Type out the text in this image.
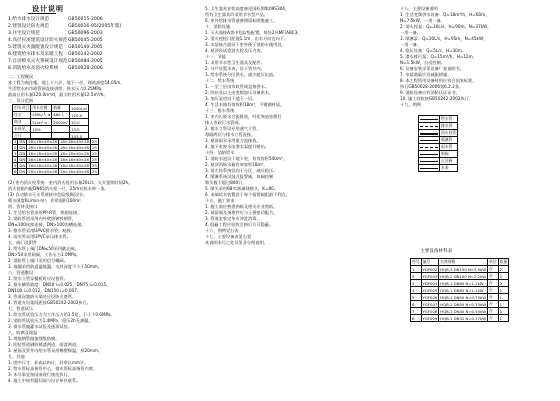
设计说明
1.给水排水设计规范	GB50015-2006
2.建筑设计防火规范	GB50016-95(2005年版)
3.住宅设计规范	GB50096-2003
4.高层民用建筑设计防火规范 GB50045-2005
5.建筑灭火器配置设计规范	GB50140-2005
6.建筑给水排水及采暖工程	GB50242-2002
7.自动喷水灭火系统设计规范 GB50084-2005
8.消防给水及消火栓系统	GB50028-2006
二、工程概况
本工程为商住楼，地上十八层，地下一层，建筑高度54.05m，
生活给水由市政管网直接供给，供水压力0.25MPa，
最高日用水量120.0m³/d，最大时用水量12.5m³/h。
三、设计范围
用水项目	用水定额	数量	1000L/d
住宅	250L/人·d	480人	120.0
商业	5L/m²·d	2000m²	10.0
未预见	10%		13.0
合计			143.0
1	DN	18×18×40×28	18×18×40×28	25
2	DN	18×18×40×28	18×18×40×28	25
3	DN	18×18×40×28	18×18×40×28	25
4	DN	18×18×40×28	18×18×40×28	25
5	DN	18×18×40×28	18×18×40×28	25
6	DN	18×18×40×28	18×18×40×28	25
(2) 室内消火栓系统：室内消火栓用水量20L/s，火灾延续时间2h。
消火栓箱内配DN65消火栓一只，25m衬胶水带一条。
(3) 自动喷水灭火系统按中危险级I级设计。
喷水强度6L/min·m²，作用面积160m²。
四、管材及接口
1. 生活给水管采用PP-R管，热熔连接。
2. 消防管道采用内外壁热镀锌钢管，
DN≤100丝扣连接，DN>100沟槽连接。
3. 排水管采用UPVC排水管，粘接。
4. 雨水管采用UPVC承压排水管。
五、阀门及附件
1. 给水管上阀门DN≤50采用截止阀，
DN>50采用闸阀，工作压力1.0MPa。
2. 消防管上阀门采用信号蝶阀。
3. 地漏采用防返溢地漏，水封深度不小于50mm。
六、管道敷设
1. 给水立管穿楼板时应设套管。
2. 排水横管坡度：DN50 i=0.025，DN75 i=0.015，
DN100 i=0.012，DN150 i=0.007。
3. 管道穿越防火墙处应设防火套管。
4. 管道支吊架间距按GB50242-2002执行。
七、管道试压
1. 给水管试验压力为工作压力的1.5倍，不小于0.6MPa。
2. 消防管试验压力1.4MPa，稳压2h无渗漏。
3. 排水管做灌水试验及通球试验。
八、防腐及保温
1. 埋地钢管做加强级防腐。
2. 明装管道刷防锈漆两道，面漆两道。
3. 屋面及管井内给水管采用橡塑保温，厚20mm。
九、其他
1. 图中尺寸：标高以m计，其余以mm计。
2. 给水管标高指管中心，排水管标高指管内底。
3. 未尽事宜按国家现行规范执行。
4. 施工中如有疑问请与设计单位联系。
5. 卫生器具安装高度参见国标图集09S304，
所有卫生器具均采用节水型产品。
6. 室外给排水管道参照国标图集施工。
十、消防设施
1. 灭火器按A类中危险级配置，每处2具MF/ABC3。
2. 消火栓栓口距地1.1m，出水方向宜向下。
3. 水泵接合器设于室外便于消防车使用处。
4. 屋顶设试验消火栓及压力表。
十一、节能
1. 采用节水型卫生器具及配件。
2. 分户设置水表，设于管井内。
3. 给水系统分区供水，减少超压出流。
十二、给水系统
1. 一至三层由市政管网直接供水。
2. 四层及以上由变频加压设备供水。
3. 加压泵房设于地下一层。
4. 生活水箱有效容积18m³，不锈钢材质。
十三、排水系统
1. 室内污废水合流排放，经化粪池处理后
排入市政污水管网。
2. 排水立管设专用通气立管，
每隔两层与排水立管连接。
3. 屋面雨水采用重力流排放。
4. 地下室废水由潜水泵提升排出。
十四、消防给水
1. 消防水池设于地下室，有效容积540m³。
2. 屋顶消防水箱有效容积18m³。
3. 消火栓系统竖向不分区，减压稳压。
4. 喷淋系统设湿式报警阀，每阀控制
喷头数不超过800只。
5. 喷头采用68℃玻璃球喷头，K=80。
6. 末端试水装置设于每个报警阀组最不利点。
十五、施工要求
1. 施工前应熟悉图纸及相关专业图纸。
2. 预留洞及预埋件应与土建密切配合。
3. 管道安装完毕应冲洗消毒。
4. 隐蔽工程应验收合格后方可隐蔽。
十六、图例见右表
十七、主要设备表见右表
本说明未尽之处详见各分图说明。
十八、主要设备说明
1. 生活变频供水设备：Q=18m³/h，H=60m，
N=7.5kW，一用一备。
2. 消火栓泵：Q=20L/s，H=90m，N=37kW，
一用一备。
3. 喷淋泵：Q=30L/s，H=95m，N=45kW，
一用一备。
4. 稳压设备：Q=5L/s，H=30m。
5. 潜水排污泵：Q=15m³/h，H=12m，
N=1.5kW，自动控制。
6. 设备安装详见设备厂家说明书。
7. 水泵基础应设减振措施。
8. 本工程所用设备材料应符合国家标准，
执行GB50028-2006第6.2.2条。
9. 消防设备应有消防认证证书。
10. 施工验收按GB50242-2002执行。
十九、图例
	给水管
	排水管
	消火栓管
	喷淋管
	雨水管
	闸阀
	止回阀
	水表
主要设备材料表
序号	编号	名称规格	单位	数量
1	YGF002	HQB-3 DN150 N=3.5kW	台	2
2	YGF003	HQB-2 DN100 N=2.2kW	台	2
3	YGF004	HQB-1 DN80 N=1.1kW	台	2
4	YGF005	HQB-1 DN65 N=1.1kW	台	1
5	YGF006	HQB-1 DN50 N=0.75kW	台	1
6	YGF007	HQB-1 DN50 N=0.75kW	台	1
7	YGF008	HQB-1 DN40 N=0.55kW	台	1
8	YGF009	HQB-1 DN32 N=0.37kW	台	1
